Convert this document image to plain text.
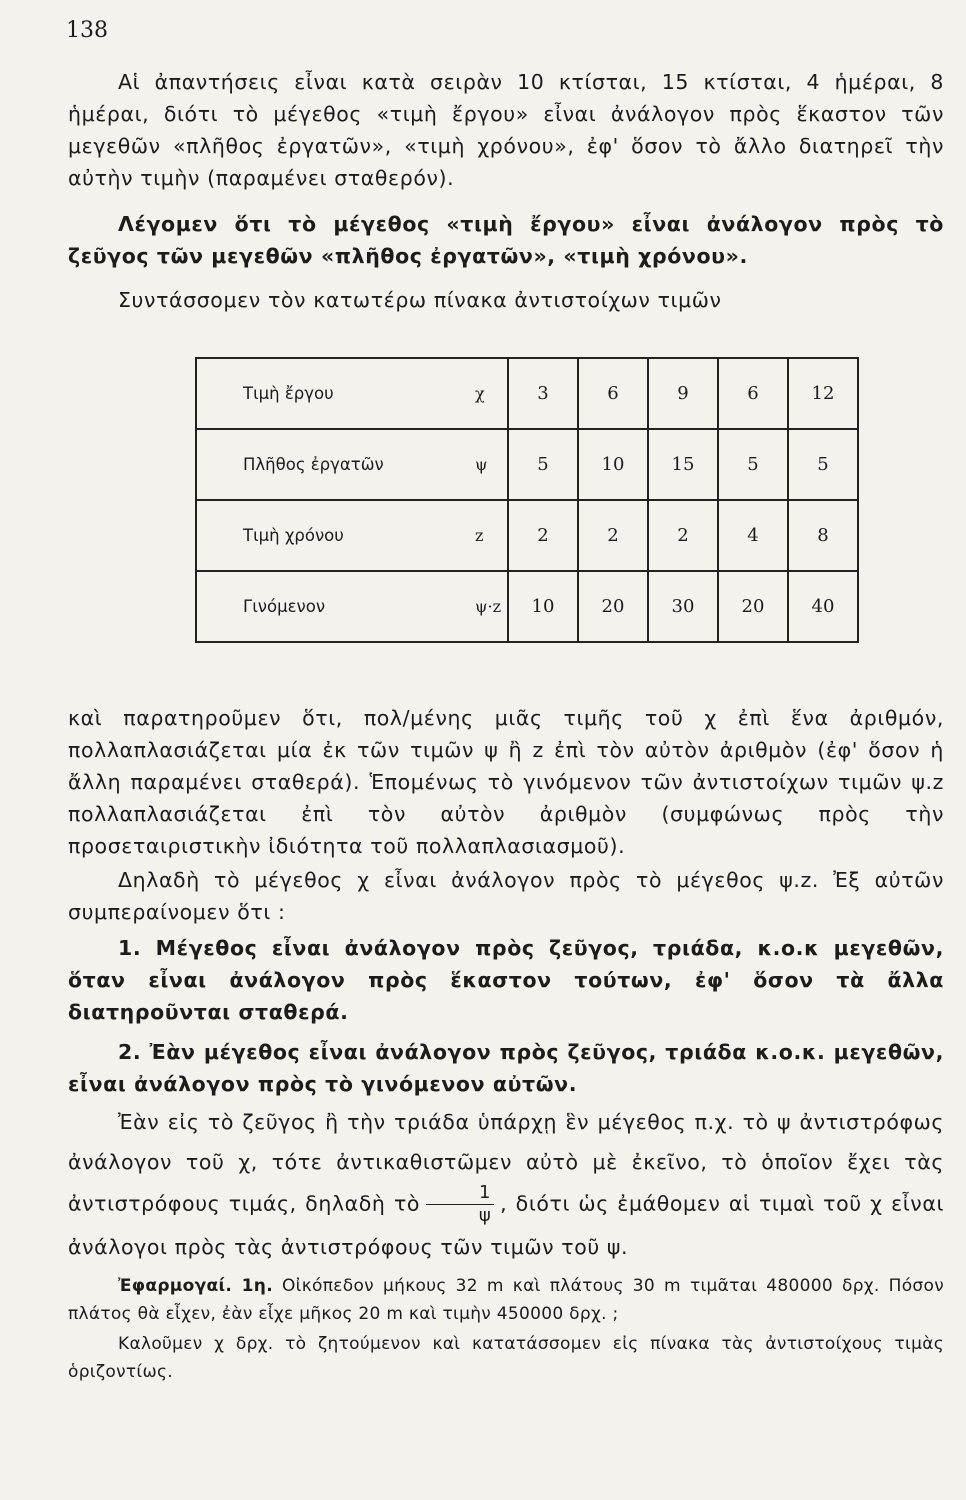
138
Αἱ ἀπαντήσεις εἶναι κατὰ σειρὰν 10 κτίσται, 15 κτίσται, 4 ἡμέραι, 8 ἡμέραι, διότι τὸ μέγεθος «τιμὴ ἔργου» εἶναι ἀνάλογον πρὸς ἕκαστον τῶν μεγεθῶν «πλῆθος ἐργατῶν», «τιμὴ χρόνου», ἐφ' ὅσον τὸ ἄλλο διατηρεῖ τὴν αὐτὴν τιμὴν (παραμένει σταθερόν).
Λέγομεν ὅτι τὸ μέγεθος «τιμὴ ἔργου» εἶναι ἀνάλογον πρὸς τὸ ζεῦγος τῶν μεγεθῶν «πλῆθος ἐργατῶν», «τιμὴ χρόνου».
Συντάσσομεν τὸν κατωτέρω πίνακα ἀντιστοίχων τιμῶν
Τιμὴ ἔργου	χ	3	6	9	6	12
Πλῆθος ἐργατῶν	ψ	5	10	15	5	5
Τιμὴ χρόνου	z	2	2	2	4	8
Γινόμενον	ψ·z	10	20	30	20	40
καὶ παρατηροῦμεν ὅτι, πολ/μένης μιᾶς τιμῆς τοῦ χ ἐπὶ ἕνα ἀριθμόν, πολλαπλασιάζεται μία ἐκ τῶν τιμῶν ψ ἢ z ἐπὶ τὸν αὐτὸν ἀριθμὸν (ἐφ' ὅσον ἡ ἄλλη παραμένει σταθερά). Ἑπομένως τὸ γινόμενον τῶν ἀντιστοίχων τιμῶν ψ.z πολλαπλασιάζεται ἐπὶ τὸν αὐτὸν ἀριθμὸν (συμφώνως πρὸς τὴν προσεταιριστικὴν ἰδιότητα τοῦ πολλαπλασιασμοῦ).
Δηλαδὴ τὸ μέγεθος χ εἶναι ἀνάλογον πρὸς τὸ μέγεθος ψ.z. Ἐξ αὐτῶν συμπεραίνομεν ὅτι :
1. Μέγεθος εἶναι ἀνάλογον πρὸς ζεῦγος, τριάδα, κ.ο.κ μεγεθῶν, ὅταν εἶναι ἀνάλογον πρὸς ἕκαστον τούτων, ἐφ' ὅσον τὰ ἄλλα διατηροῦνται σταθερά.
2. Ἐὰν μέγεθος εἶναι ἀνάλογον πρὸς ζεῦγος, τριάδα κ.ο.κ. μεγεθῶν, εἶναι ἀνάλογον πρὸς τὸ γινόμενον αὐτῶν.
Ἐὰν εἰς τὸ ζεῦγος ἢ τὴν τριάδα ὑπάρχῃ ἓν μέγεθος π.χ. τὸ ψ ἀντιστρόφως ἀνάλογον τοῦ χ, τότε ἀντικαθιστῶμεν αὐτὸ μὲ ἐκεῖνο, τὸ ὁποῖον ἔχει τὰς ἀντιστρόφους τιμάς, δηλαδὴ τὸ $\frac{1}{\psi}$ , διότι ὡς ἐμάθομεν αἱ τιμαὶ τοῦ χ εἶναι ἀνάλογοι πρὸς τὰς ἀντιστρόφους τῶν τιμῶν τοῦ ψ.
Ἐφαρμογαί. 1η. Οἰκόπεδον μήκους 32 m καὶ πλάτους 30 m τιμᾶται 480000 δρχ. Πόσον πλάτος θὰ εἶχεν, ἐὰν εἶχε μῆκος 20 m καὶ τιμὴν 450000 δρχ. ;
Καλοῦμεν χ δρχ. τὸ ζητούμενον καὶ κατατάσσομεν εἰς πίνακα τὰς ἀντιστοίχους τιμὰς ὁριζοντίως.
